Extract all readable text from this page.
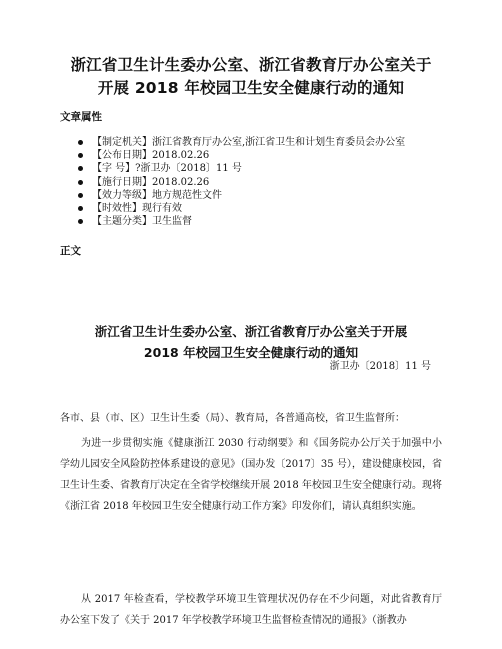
浙江省卫生计生委办公室、浙江省教育厅办公室关于
开展 2018 年校园卫生安全健康行动的通知
文章属性
【制定机关】浙江省教育厅办公室,浙江省卫生和计划生育委员会办公室
【公布日期】2018.02.26
【字 号】?浙卫办〔2018〕11 号
【施行日期】2018.02.26
【效力等级】地方规范性文件
【时效性】现行有效
【主题分类】卫生监督
正文
浙江省卫生计生委办公室、浙江省教育厅办公室关于开展
2018 年校园卫生安全健康行动的通知
浙卫办〔2018〕11 号

各市、县（市、区）卫生计生委（局）、教育局，各普通高校，省卫生监督所：

为进一步贯彻实施《健康浙江 2030 行动纲要》和《国务院办公厅关于加强中小学幼儿园安全风险防控体系建设的意见》（国办发〔2017〕35 号），建设健康校园，省卫生计生委、省教育厅决定在全省学校继续开展 2018 年校园卫生安全健康行动。现将《浙江省 2018 年校园卫生安全健康行动工作方案》印发你们，请认真组织实施。

从 2017 年检查看，学校教学环境卫生管理状况仍存在不少问题，对此省教育厅办公室下发了《关于 2017 年学校教学环境卫生监督检查情况的通报》（浙教办
